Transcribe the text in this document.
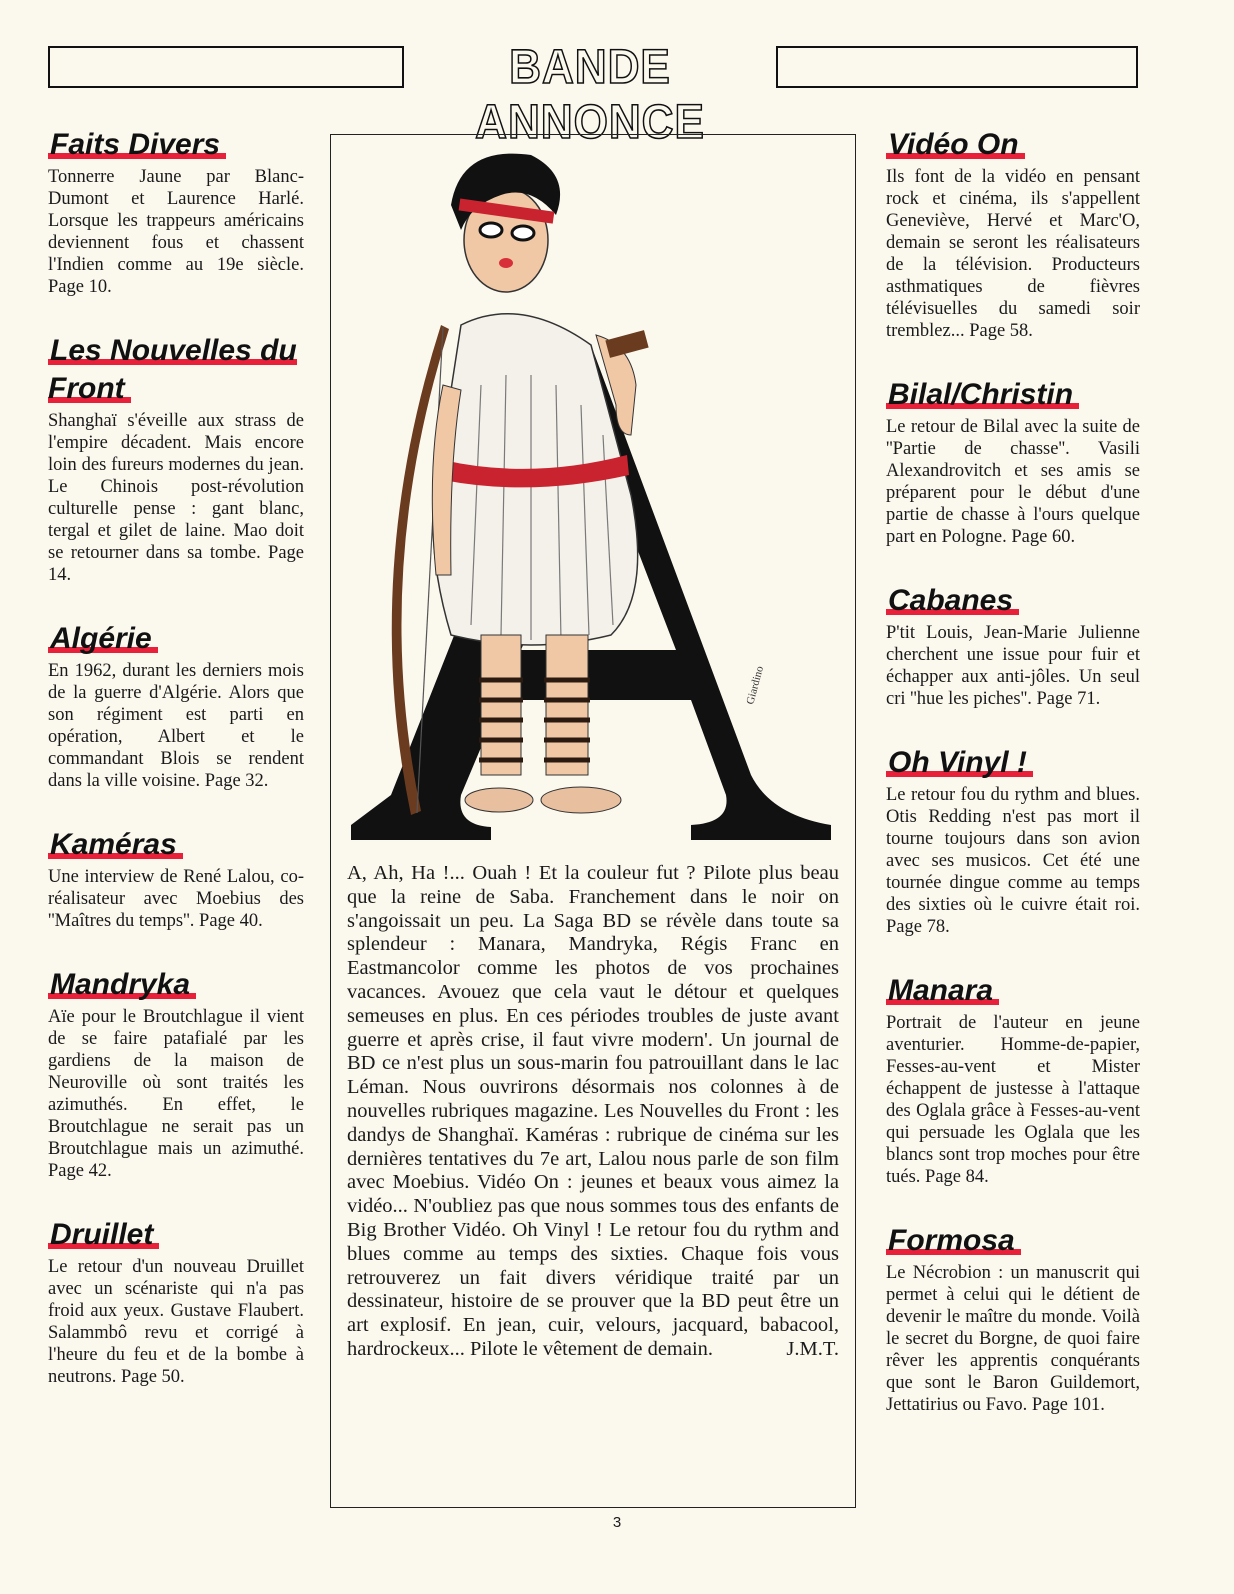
BANDE ANNONCE
Faits Divers

Tonnerre Jaune par Blanc-Dumont et Laurence Harlé. Lorsque les trappeurs américains deviennent fous et chassent l'Indien comme au 19e siècle. Page 10.

Les Nouvelles du Front

Shanghaï s'éveille aux strass de l'empire décadent. Mais encore loin des fureurs modernes du jean. Le Chinois post-révolution culturelle pense : gant blanc, tergal et gilet de laine. Mao doit se retourner dans sa tombe. Page 14.

Algérie

En 1962, durant les derniers mois de la guerre d'Algérie. Alors que son régiment est parti en opération, Albert et le commandant Blois se rendent dans la ville voisine. Page 32.

Kaméras

Une interview de René Lalou, co-réalisateur avec Moebius des ''Maîtres du temps''. Page 40.

Mandryka

Aïe pour le Broutchlague il vient de se faire patafialé par les gardiens de la maison de Neuroville où sont traités les azimuthés. En effet, le Broutchlague ne serait pas un Broutchlague mais un azimuthé. Page 42.

Druillet

Le retour d'un nouveau Druillet avec un scénariste qui n'a pas froid aux yeux. Gustave Flaubert. Salammbô revu et corrigé à l'heure du feu et de la bombe à neutrons. Page 50.

Vidéo On

Ils font de la vidéo en pensant rock et cinéma, ils s'appellent Geneviève, Hervé et Marc'O, demain se seront les réalisateurs de la télévision. Producteurs asthmatiques de fièvres télévisuelles du samedi soir tremblez... Page 58.

Bilal/Christin

Le retour de Bilal avec la suite de ''Partie de chasse''. Vasili Alexandrovitch et ses amis se préparent pour le début d'une partie de chasse à l'ours quelque part en Pologne. Page 60.

Cabanes

P'tit Louis, Jean-Marie Julienne cherchent une issue pour fuir et échapper aux anti-jôles. Un seul cri ''hue les piches''. Page 71.

Oh Vinyl !

Le retour fou du rythm and blues. Otis Redding n'est pas mort il tourne toujours dans son avion avec ses musicos. Cet été une tournée dingue comme au temps des sixties où le cuivre était roi. Page 78.

Manara

Portrait de l'auteur en jeune aventurier. Homme-de-papier, Fesses-au-vent et Mister échappent de justesse à l'attaque des Oglala grâce à Fesses-au-vent qui persuade les Oglala que les blancs sont trop moches pour être tués. Page 84.

Formosa

Le Nécrobion : un manuscrit qui permet à celui qui le détient de devenir le maître du monde. Voilà le secret du Borgne, de quoi faire rêver les apprentis conquérants que sont le Baron Guildemort, Jettatirius ou Favo. Page 101.

Giardino

A, Ah, Ha !... Ouah ! Et la couleur fut ? Pilote plus beau que la reine de Saba. Franchement dans le noir on s'angoissait un peu. La Saga BD se révèle dans toute sa splendeur : Manara, Mandryka, Régis Franc en Eastmancolor comme les photos de vos prochaines vacances. Avouez que cela vaut le détour et quelques semeuses en plus. En ces périodes troubles de juste avant guerre et après crise, il faut vivre modern'. Un journal de BD ce n'est plus un sous-marin fou patrouillant dans le lac Léman. Nous ouvrirons désormais nos colonnes à de nouvelles rubriques magazine. Les Nouvelles du Front : les dandys de Shanghaï. Kaméras : rubrique de cinéma sur les dernières tentatives du 7e art, Lalou nous parle de son film avec Moebius. Vidéo On : jeunes et beaux vous aimez la vidéo... N'oubliez pas que nous sommes tous des enfants de Big Brother Vidéo. Oh Vinyl ! Le retour fou du rythm and blues comme au temps des sixties. Chaque fois vous retrouverez un fait divers véridique traité par un dessinateur, histoire de se prouver que la BD peut être un art explosif. En jean, cuir, velours, jacquard, babacool, hardrockeux... Pilote le vêtement de demain.	J.M.T.

3
